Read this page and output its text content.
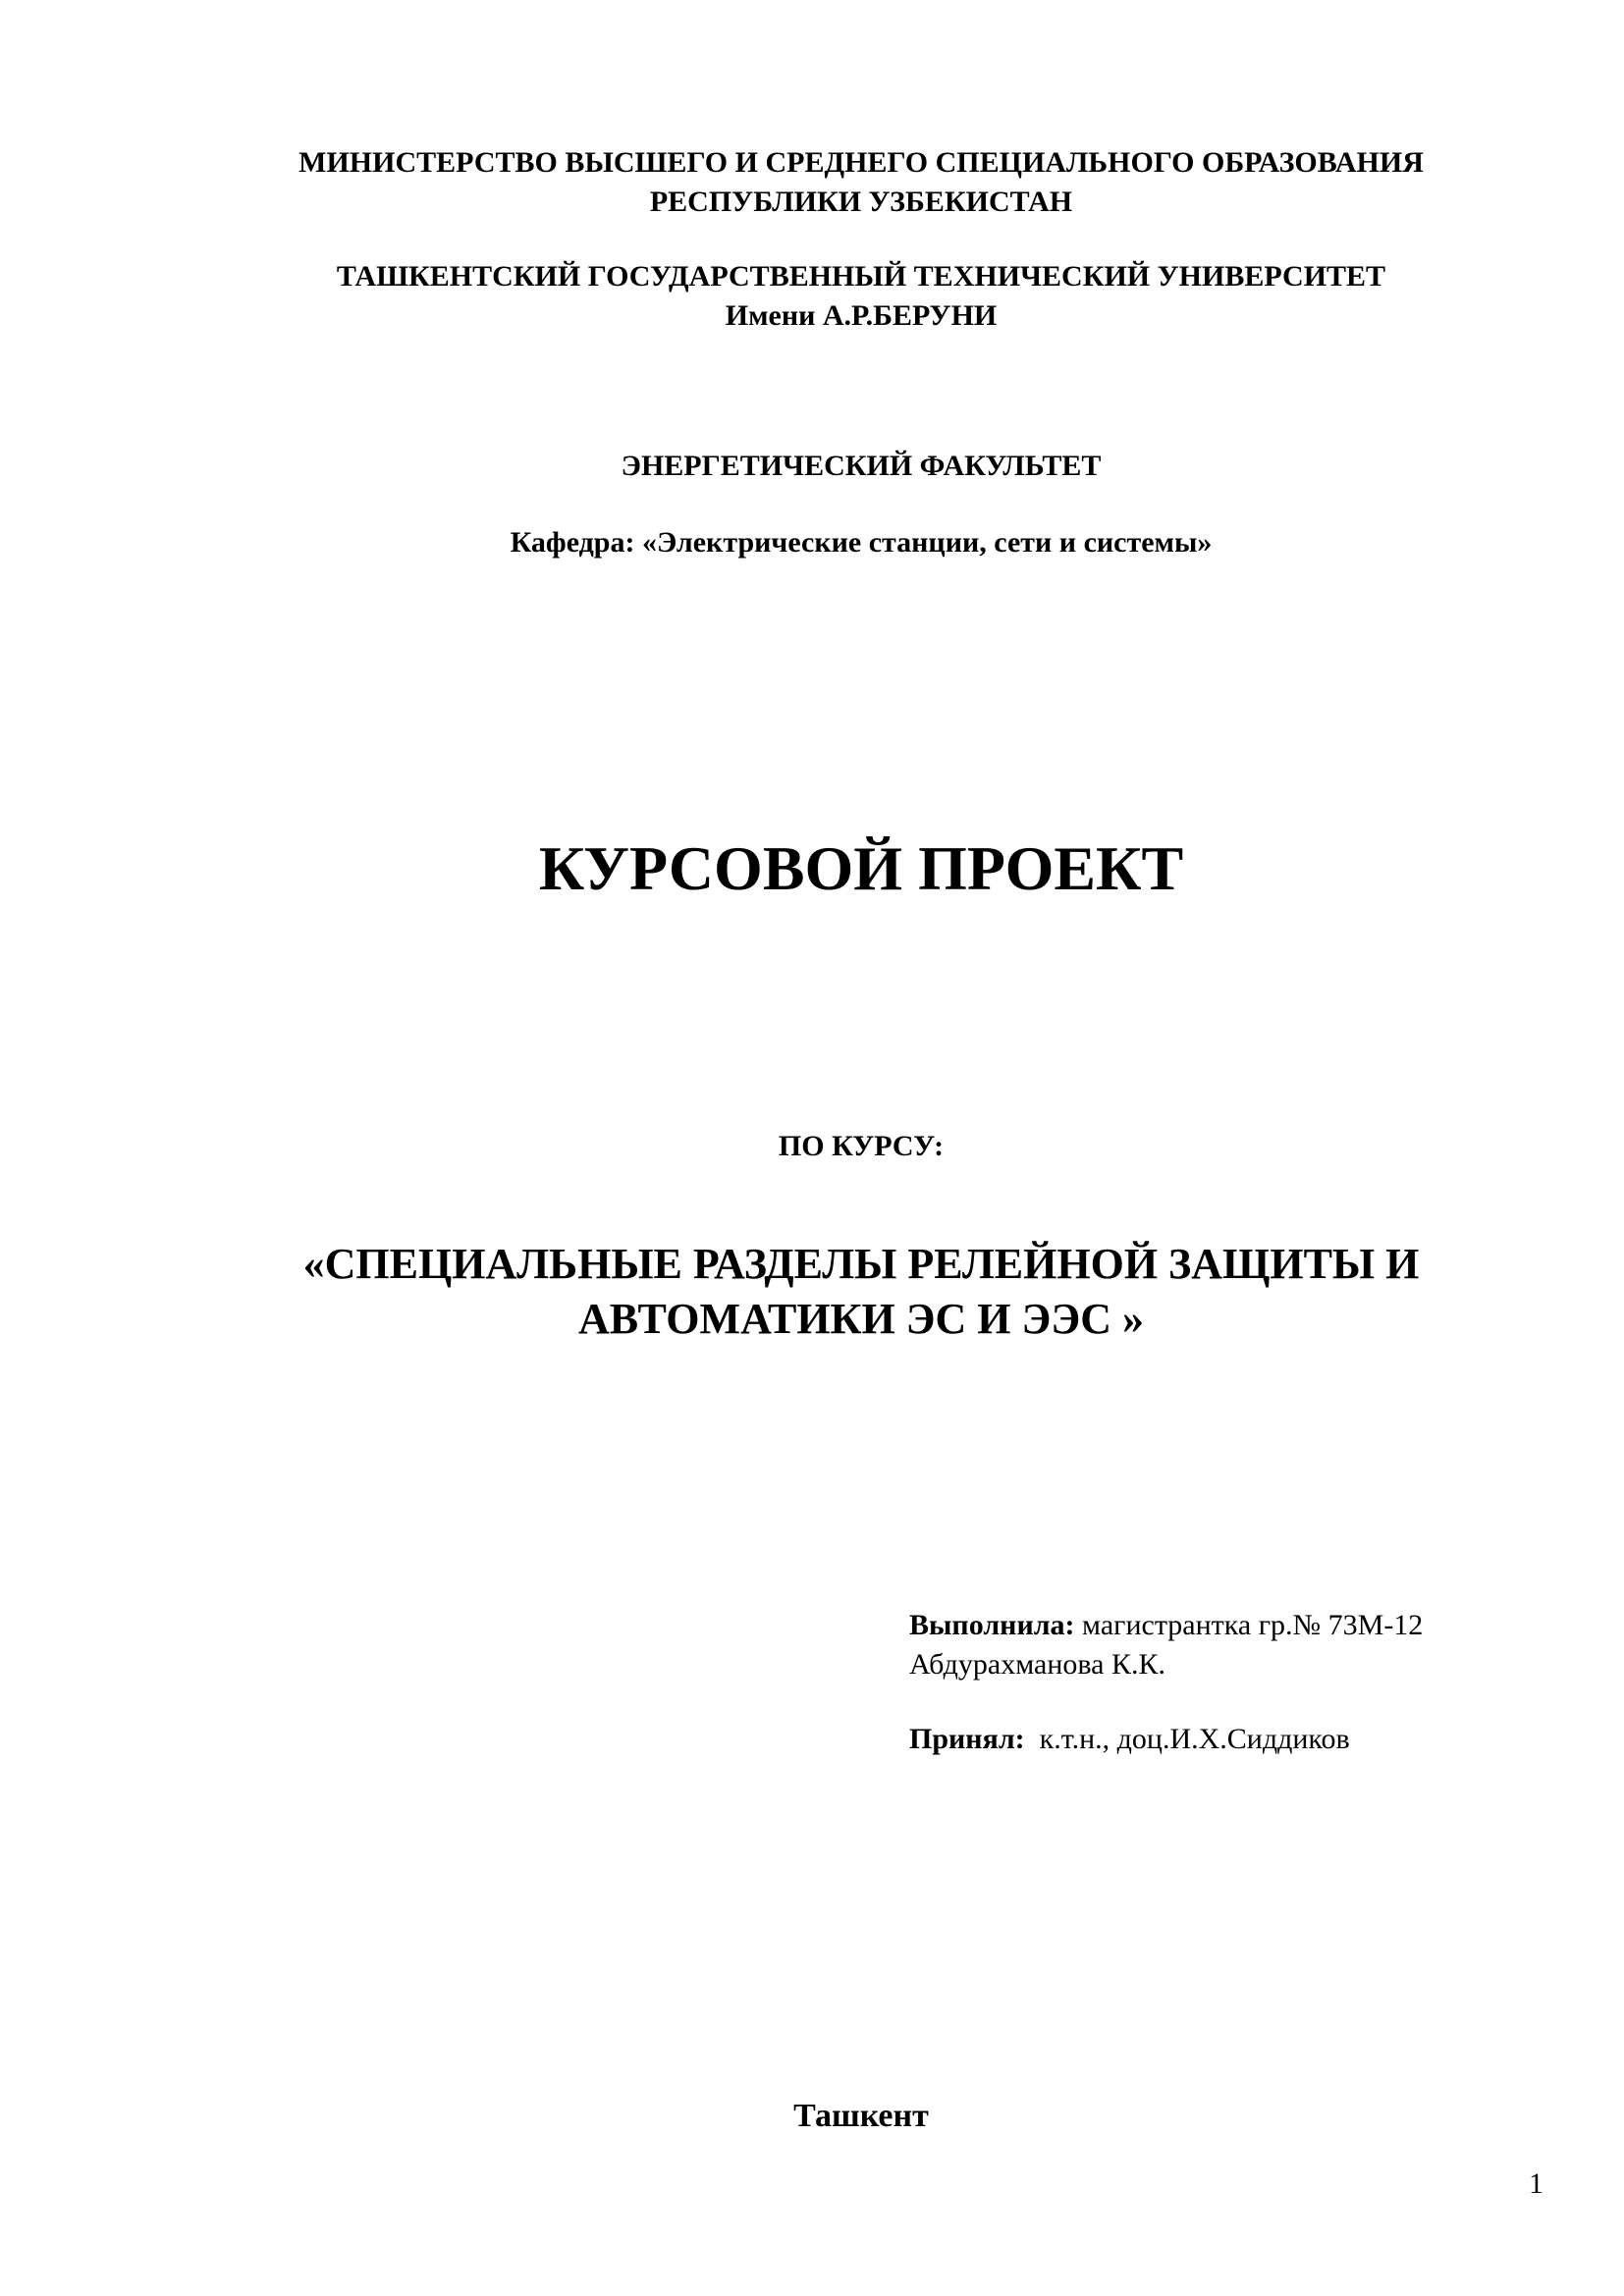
МИНИСТЕРСТВО ВЫСШЕГО И СРЕДНЕГО СПЕЦИАЛЬНОГО ОБРАЗОВАНИЯ
РЕСПУБЛИКИ УЗБЕКИСТАН
ТАШКЕНТСКИЙ ГОСУДАРСТВЕННЫЙ ТЕХНИЧЕСКИЙ УНИВЕРСИТЕТ
Имени А.Р.БЕРУНИ
ЭНЕРГЕТИЧЕСКИЙ ФАКУЛЬТЕТ
Кафедра: «Электрические станции, сети и системы»
КУРСОВОЙ ПРОЕКТ
ПО КУРСУ:
«СПЕЦИАЛЬНЫЕ РАЗДЕЛЫ РЕЛЕЙНОЙ ЗАЩИТЫ И
АВТОМАТИКИ ЭС И ЭЭС »
Выполнила: магистрантка гр.№ 73М-12
Абдурахманова К.К.
Принял:  к.т.н., доц.И.Х.Сиддиков
Ташкент
1
